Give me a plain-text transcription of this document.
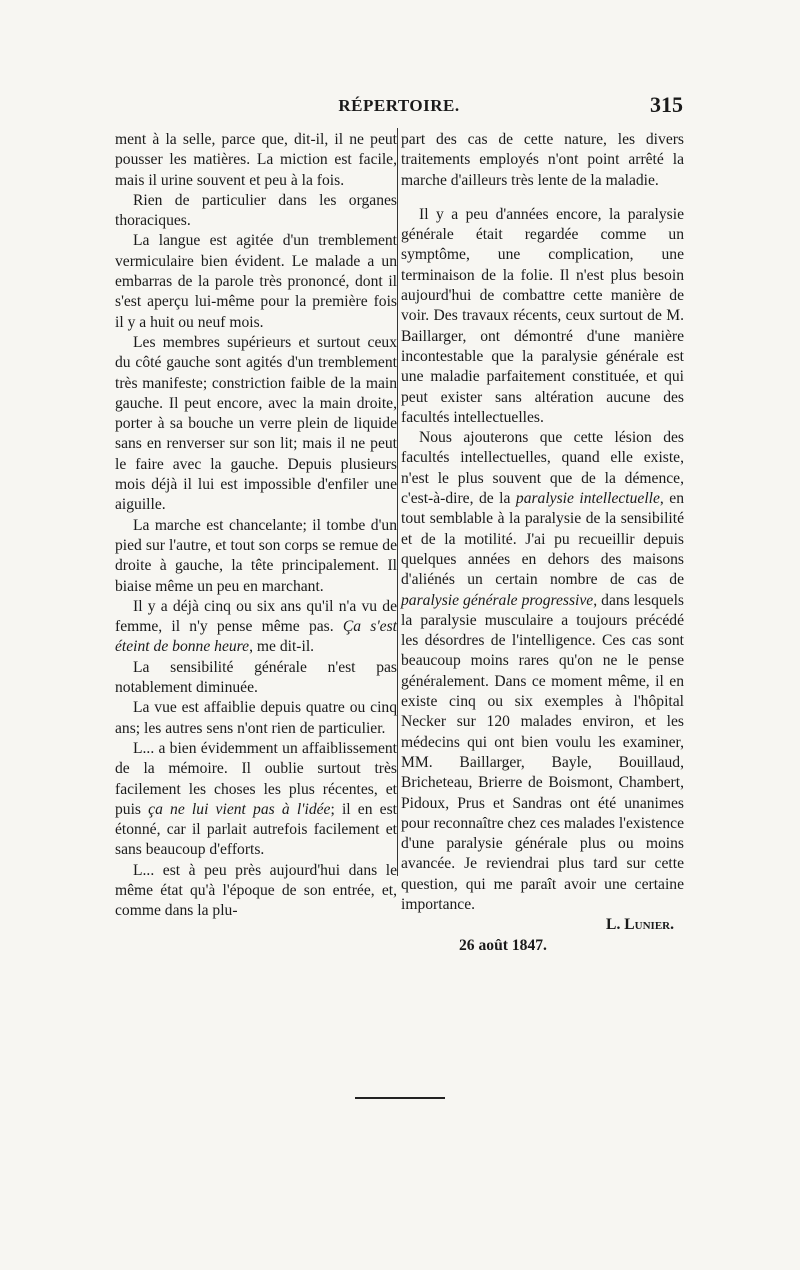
RÉPERTOIRE.	315

ment à la selle, parce que, dit-il, il ne peut pousser les matières. La miction est facile, mais il urine souvent et peu à la fois.

Rien de particulier dans les organes thoraciques.

La langue est agitée d'un tremblement vermiculaire bien évident. Le malade a un embarras de la parole très prononcé, dont il s'est aperçu lui-même pour la première fois il y a huit ou neuf mois.

Les membres supérieurs et surtout ceux du côté gauche sont agités d'un tremblement très manifeste; constriction faible de la main gauche. Il peut encore, avec la main droite, porter à sa bouche un verre plein de liquide sans en renverser sur son lit; mais il ne peut le faire avec la gauche. Depuis plusieurs mois déjà il lui est impossible d'enfiler une aiguille.

La marche est chancelante; il tombe d'un pied sur l'autre, et tout son corps se remue de droite à gauche, la tête principalement. Il biaise même un peu en marchant.

Il y a déjà cinq ou six ans qu'il n'a vu de femme, il n'y pense même pas. Ça s'est éteint de bonne heure, me dit-il.

La sensibilité générale n'est pas notablement diminuée.

La vue est affaiblie depuis quatre ou cinq ans; les autres sens n'ont rien de particulier.

L... a bien évidemment un affaiblissement de la mémoire. Il oublie surtout très facilement les choses les plus récentes, et puis ça ne lui vient pas à l'idée; il en est étonné, car il parlait autrefois facilement et sans beaucoup d'efforts.

L... est à peu près aujourd'hui dans le même état qu'à l'époque de son entrée, et, comme dans la plu-

part des cas de cette nature, les divers traitements employés n'ont point arrêté la marche d'ailleurs très lente de la maladie.

Il y a peu d'années encore, la paralysie générale était regardée comme un symptôme, une complication, une terminaison de la folie. Il n'est plus besoin aujourd'hui de combattre cette manière de voir. Des travaux récents, ceux surtout de M. Baillarger, ont démontré d'une manière incontestable que la paralysie générale est une maladie parfaitement constituée, et qui peut exister sans altération aucune des facultés intellectuelles.

Nous ajouterons que cette lésion des facultés intellectuelles, quand elle existe, n'est le plus souvent que de la démence, c'est-à-dire, de la paralysie intellectuelle, en tout semblable à la paralysie de la sensibilité et de la motilité. J'ai pu recueillir depuis quelques années en dehors des maisons d'aliénés un certain nombre de cas de paralysie générale progressive, dans lesquels la paralysie musculaire a toujours précédé les désordres de l'intelligence. Ces cas sont beaucoup moins rares qu'on ne le pense généralement. Dans ce moment même, il en existe cinq ou six exemples à l'hôpital Necker sur 120 malades environ, et les médecins qui ont bien voulu les examiner, MM. Baillarger, Bayle, Bouillaud, Bricheteau, Brierre de Boismont, Chambert, Pidoux, Prus et Sandras ont été unanimes pour reconnaître chez ces malades l'existence d'une paralysie générale plus ou moins avancée. Je reviendrai plus tard sur cette question, qui me paraît avoir une certaine importance.

L. Lunier.

26 août 1847.
